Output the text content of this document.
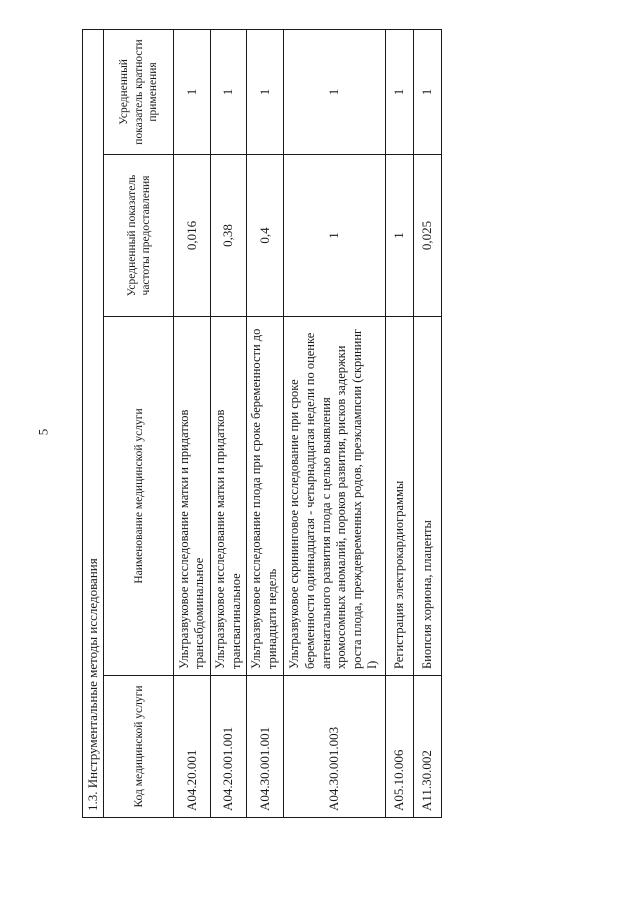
5
1.3. Инструментальные методы исследования			
Код медицинской услуги	Наименование медицинской услуги	Усредненный показатель частоты предоставления	Усредненный показатель кратности применения
А04.20.001	Ультразвуковое исследование матки и придатков трансабдоминальное	0,016	1
А04.20.001.001	Ультразвуковое исследование матки и придатков трансвагинальное	0,38	1
А04.30.001.001	Ультразвуковое исследование плода при сроке беременности до тринадцати недель	0,4	1
А04.30.001.003	Ультразвуковое скрининговое исследование при сроке беременности одиннадцатая - четырнадцатая недели по оценке антенатального развития плода с целью выявления хромосомных аномалий, пороков развития, рисков задержки роста плода, преждевременных родов, преэклампсии (скрининг I)	1	1
А05.10.006	Регистрация электрокардиограммы	1	1
А11.30.002	Биопсия хориона, плаценты	0,025	1
